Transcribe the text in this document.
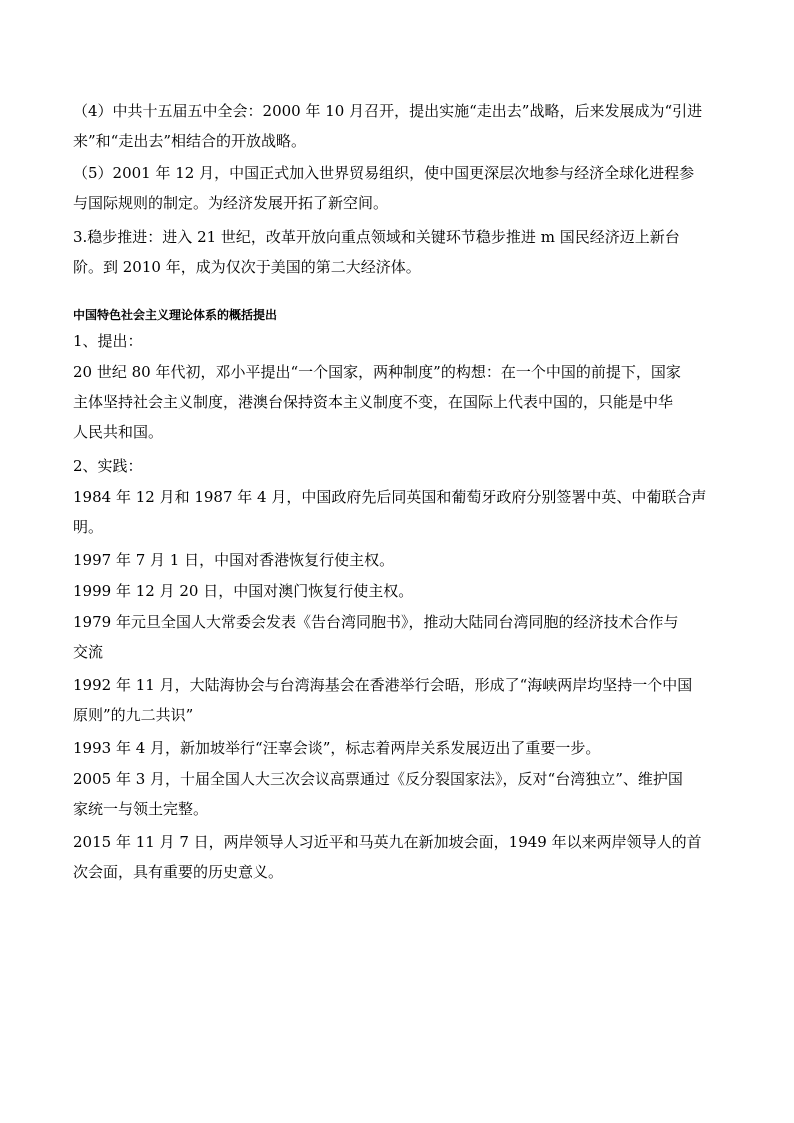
（4）中共十五届五中全会：2000 年 10 月召开，提出实施“走出去”战略，后来发展成为“引进
来”和“走出去”相结合的开放战略。

（5）2001 年 12 月，中国正式加入世界贸易组织，使中国更深层次地参与经济全球化进程参
与国际规则的制定。为经济发展开拓了新空间。

3.稳步推进：进入 21 世纪，改革开放向重点领域和关键环节稳步推进 m 国民经济迈上新台
阶。到 2010 年，成为仅次于美国的第二大经济体。

中国特色社会主义理论体系的概括提出

1、提出：

20 世纪 80 年代初，邓小平提出“一个国家，两种制度”的构想：在一个中国的前提下，国家
主体坚持社会主义制度，港澳台保持资本主义制度不变，在国际上代表中国的，只能是中华
人民共和国。

2、实践：

1984 年 12 月和 1987 年 4 月，中国政府先后同英国和葡萄牙政府分别签署中英、中葡联合声
明。

1997 年 7 月 1 日，中国对香港恢复行使主权。

1999 年 12 月 20 日，中国对澳门恢复行使主权。

1979 年元旦全国人大常委会发表《告台湾同胞书》，推动大陆同台湾同胞的经济技术合作与
交流

1992 年 11 月，大陆海协会与台湾海基会在香港举行会晤，形成了“海峡两岸均坚持一个中国
原则”的九二共识”

1993 年 4 月，新加坡举行“汪辜会谈”，标志着两岸关系发展迈出了重要一步。

2005 年 3 月，十届全国人大三次会议高票通过《反分裂国家法》，反对“台湾独立”、维护国
家统一与领土完整。

2015 年 11 月 7 日，两岸领导人习近平和马英九在新加坡会面，1949 年以来两岸领导人的首
次会面，具有重要的历史意义。
